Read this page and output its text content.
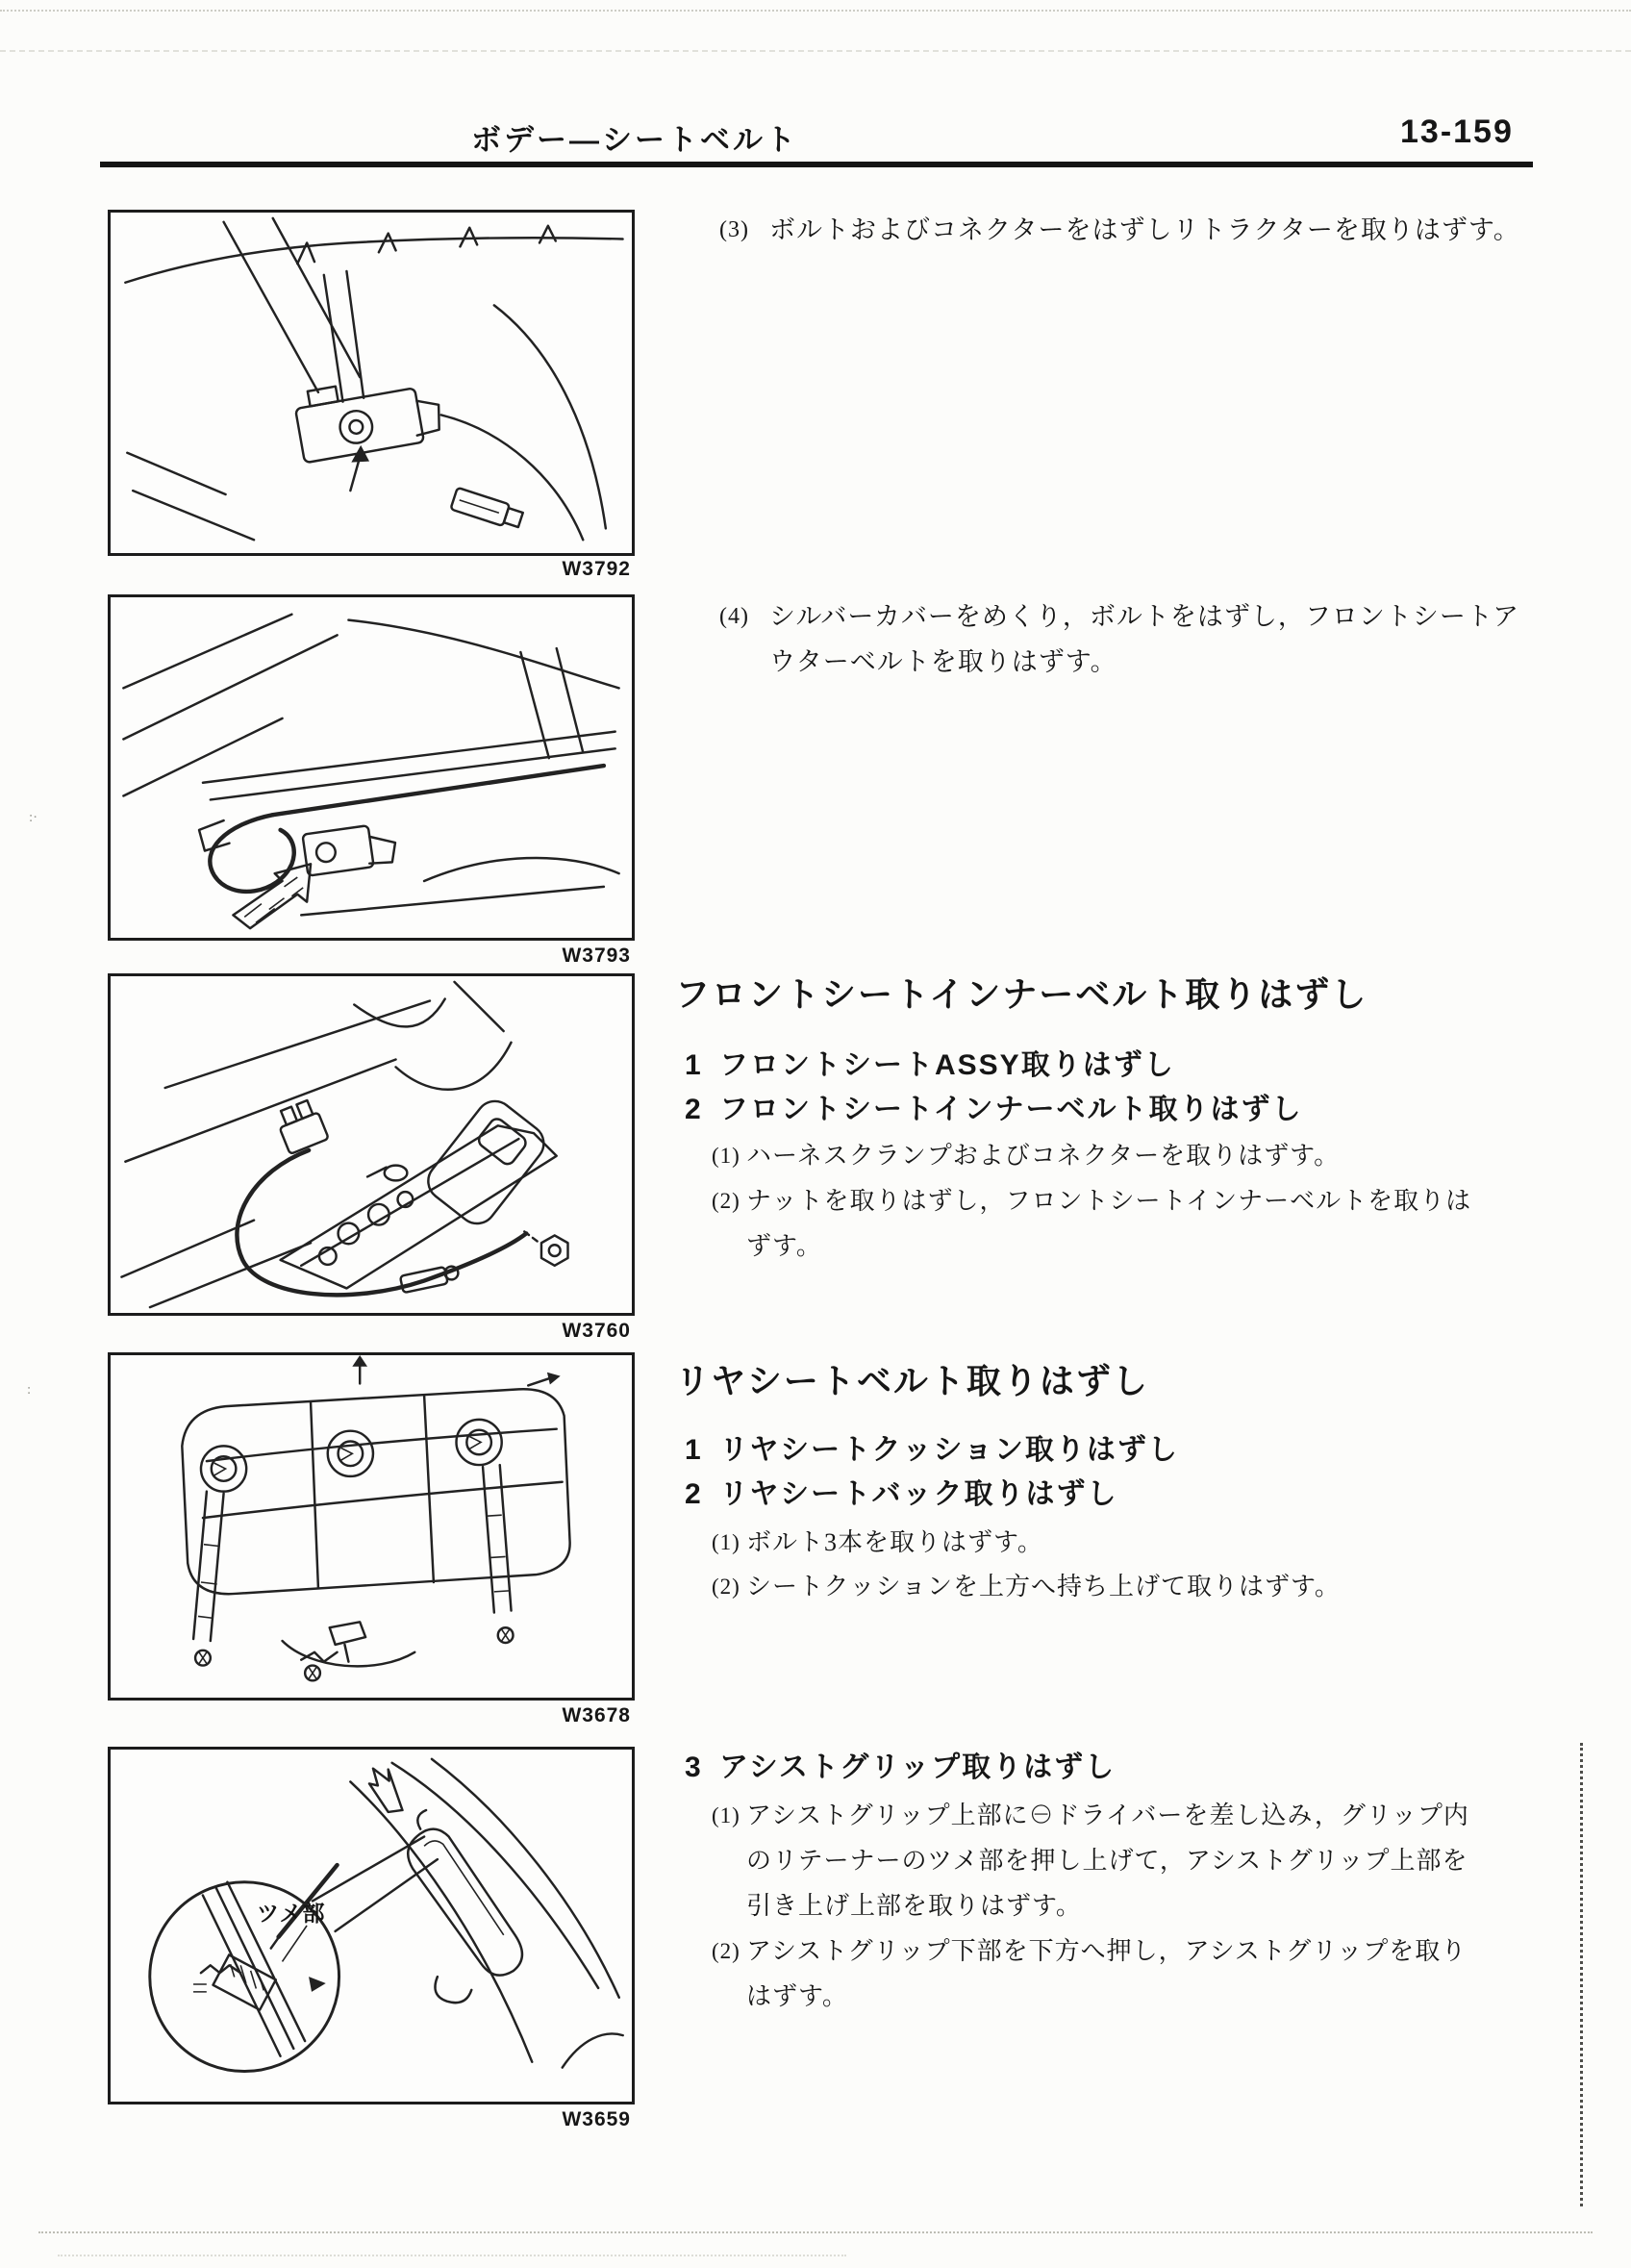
:·
:
ボデー―シートベルト	13-159
W3792
W3793
W3760
W3678
ツメ部
W3659
(3) ボルトおよびコネクターをはずしリトラクターを取りはずす。
(4) シルバーカバーをめくり，ボルトをはずし，フロントシートア
ウターベルトを取りはずす。
フロントシートインナーベルト取りはずし
1 フロントシートASSY取りはずし
2 フロントシートインナーベルト取りはずし
(1) ハーネスクランプおよびコネクターを取りはずす。
(2) ナットを取りはずし，フロントシートインナーベルトを取りは
ずす。
リヤシートベルト取りはずし
1 リヤシートクッション取りはずし
2 リヤシートバック取りはずし
(1) ボルト3本を取りはずす。
(2) シートクッションを上方へ持ち上げて取りはずす。
3 アシストグリップ取りはずし
(1) アシストグリップ上部に⊖ドライバーを差し込み，グリップ内
のリテーナーのツメ部を押し上げて，アシストグリップ上部を
引き上げ上部を取りはずす。
(2) アシストグリップ下部を下方へ押し，アシストグリップを取り
はずす。
